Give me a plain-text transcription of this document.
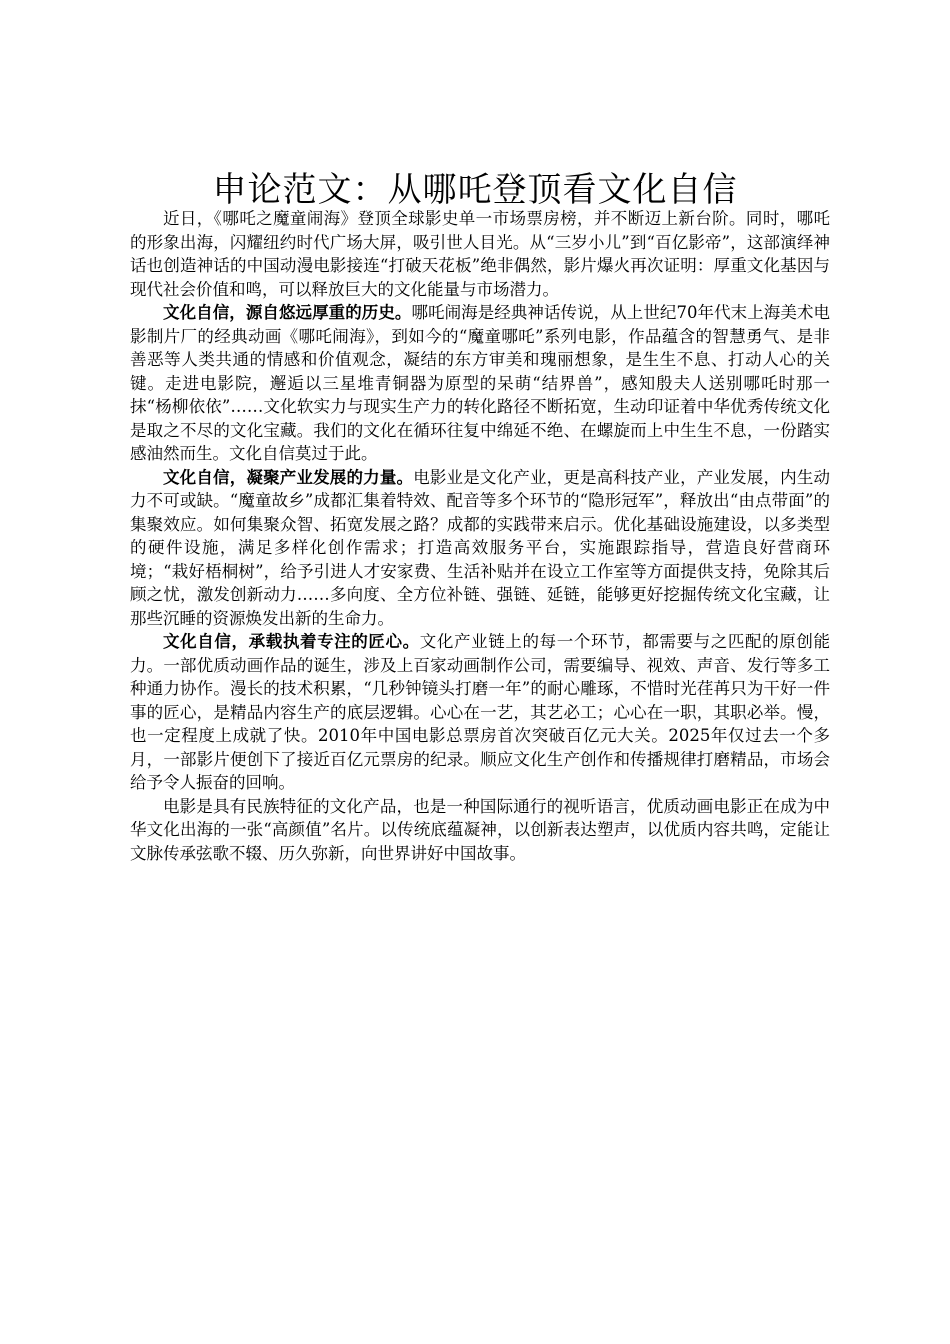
申论范文：从哪吒登顶看文化自信

近日，《哪吒之魔童闹海》登顶全球影史单一市场票房榜，并不断迈上新台阶。同时，哪吒的形象出海，闪耀纽约时代广场大屏，吸引世人目光。从“三岁小儿”到“百亿影帝”，这部演绎神话也创造神话的中国动漫电影接连“打破天花板”绝非偶然，影片爆火再次证明：厚重文化基因与现代社会价值和鸣，可以释放巨大的文化能量与市场潜力。

文化自信，源自悠远厚重的历史。哪吒闹海是经典神话传说，从上世纪70年代末上海美术电影制片厂的经典动画《哪吒闹海》，到如今的“魔童哪吒”系列电影，作品蕴含的智慧勇气、是非善恶等人类共通的情感和价值观念，凝结的东方审美和瑰丽想象，是生生不息、打动人心的关键。走进电影院，邂逅以三星堆青铜器为原型的呆萌“结界兽”，感知殷夫人送别哪吒时那一抹“杨柳依依”……文化软实力与现实生产力的转化路径不断拓宽，生动印证着中华优秀传统文化是取之不尽的文化宝藏。我们的文化在循环往复中绵延不绝、在螺旋而上中生生不息，一份踏实感油然而生。文化自信莫过于此。

文化自信，凝聚产业发展的力量。电影业是文化产业，更是高科技产业，产业发展，内生动力不可或缺。“魔童故乡”成都汇集着特效、配音等多个环节的“隐形冠军”，释放出“由点带面”的集聚效应。如何集聚众智、拓宽发展之路？成都的实践带来启示。优化基础设施建设，以多类型的硬件设施，满足多样化创作需求；打造高效服务平台，实施跟踪指导，营造良好营商环境；“栽好梧桐树”，给予引进人才安家费、生活补贴并在设立工作室等方面提供支持，免除其后顾之忧，激发创新动力……多向度、全方位补链、强链、延链，能够更好挖掘传统文化宝藏，让那些沉睡的资源焕发出新的生命力。

文化自信，承载执着专注的匠心。文化产业链上的每一个环节，都需要与之匹配的原创能力。一部优质动画作品的诞生，涉及上百家动画制作公司，需要编导、视效、声音、发行等多工种通力协作。漫长的技术积累，“几秒钟镜头打磨一年”的耐心雕琢，不惜时光荏苒只为干好一件事的匠心，是精品内容生产的底层逻辑。心心在一艺，其艺必工；心心在一职，其职必举。慢，也一定程度上成就了快。2010年中国电影总票房首次突破百亿元大关。2025年仅过去一个多月，一部影片便创下了接近百亿元票房的纪录。顺应文化生产创作和传播规律打磨精品，市场会给予令人振奋的回响。

电影是具有民族特征的文化产品，也是一种国际通行的视听语言，优质动画电影正在成为中华文化出海的一张“高颜值”名片。以传统底蕴凝神，以创新表达塑声，以优质内容共鸣，定能让文脉传承弦歌不辍、历久弥新，向世界讲好中国故事。
